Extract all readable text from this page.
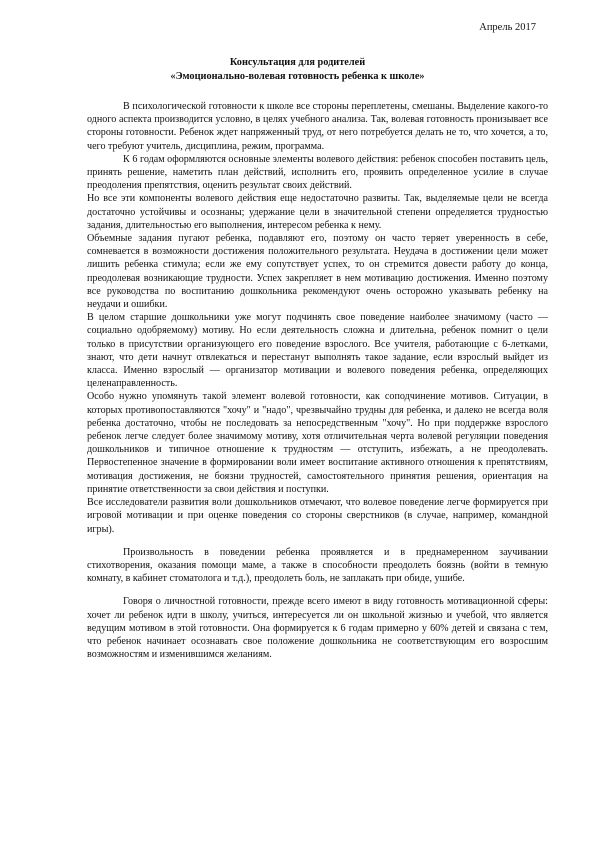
Апрель 2017
Консультация для родителей
«Эмоционально-волевая готовность ребенка к школе»

В психологической готовности к школе все стороны переплетены, смешаны. Выделение какого-то одного аспекта производится условно, в целях учебного анализа. Так, волевая готовность пронизывает все стороны готовности. Ребенок ждет напряженный труд, от него потребуется делать не то, что хочется, а то, чего требуют учитель, дисциплина, режим, программа.

К 6 годам оформляются основные элементы волевого действия: ребенок способен поставить цель, принять решение, наметить план действий, исполнить его, проявить определенное усилие в случае преодоления препятствия, оценить результат своих действий.

Но все эти компоненты волевого действия еще недостаточно развиты. Так, выделяемые цели не всегда достаточно устойчивы и осознаны; удержание цели в значительной степени определяется трудностью задания, длительностью его выполнения, интересом ребенка к нему.

Объемные задания пугают ребенка, подавляют его, поэтому он часто теряет уверенность в себе, сомневается в возможности достижения положительного результата. Неудача в достижении цели может лишить ребенка стимула; если же ему сопутствует успех, то он стремится довести работу до конца, преодолевая возникающие трудности. Успех закрепляет в нем мотивацию достижения. Именно поэтому все руководства по воспитанию дошкольника рекомендуют очень осторожно указывать ребенку на неудачи и ошибки.

В целом старшие дошкольники уже могут подчинять свое поведение наиболее значимому (часто — социально одобряемому) мотиву. Но если деятельность сложна и длительна, ребенок помнит о цели только в присутствии организующего его поведение взрослого. Все учителя, работающие с 6-летками, знают, что дети начнут отвлекаться и перестанут выполнять такое задание, если взрослый выйдет из класса. Именно взрослый — организатор мотивации и волевого поведения ребенка, определяющих целенаправленность.

Особо нужно упомянуть такой элемент волевой готовности, как соподчинение мотивов. Ситуации, в которых противопоставляются "хочу" и "надо", чрезвычайно трудны для ребенка, и далеко не всегда воля ребенка достаточно, чтобы не последовать за непосредственным "хочу". Но при поддержке взрослого ребенок легче следует более значимому мотиву, хотя отличительная черта волевой регуляции поведения дошкольников и типичное отношение к трудностям — отступить, избежать, а не преодолевать. Первостепенное значение в формировании воли имеет воспитание активного отношения к препятствиям, мотивация достижения, не боязни трудностей, самостоятельного принятия решения, ориентация на принятие ответственности за свои действия и поступки.

Все исследователи развития воли дошкольников отмечают, что волевое поведение легче формируется при игровой мотивации и при оценке поведения со стороны сверстников (в случае, например, командной игры).

Произвольность в поведении ребенка проявляется и в преднамеренном заучивании стихотворения, оказания помощи маме, а также в способности преодолеть боязнь (войти в темную комнату, в кабинет стоматолога и т.д.), преодолеть боль, не заплакать при обиде, ушибе.

Говоря о личностной готовности, прежде всего имеют в виду готовность мотивационной сферы: хочет ли ребенок идти в школу, учиться, интересуется ли он школьной жизнью и учебой, что является ведущим мотивом в этой готовности. Она формируется к 6 годам примерно у 60% детей и связана с тем, что ребенок начинает осознавать свое положение дошкольника не соответствующим его возросшим возможностям и изменившимся желаниям.
